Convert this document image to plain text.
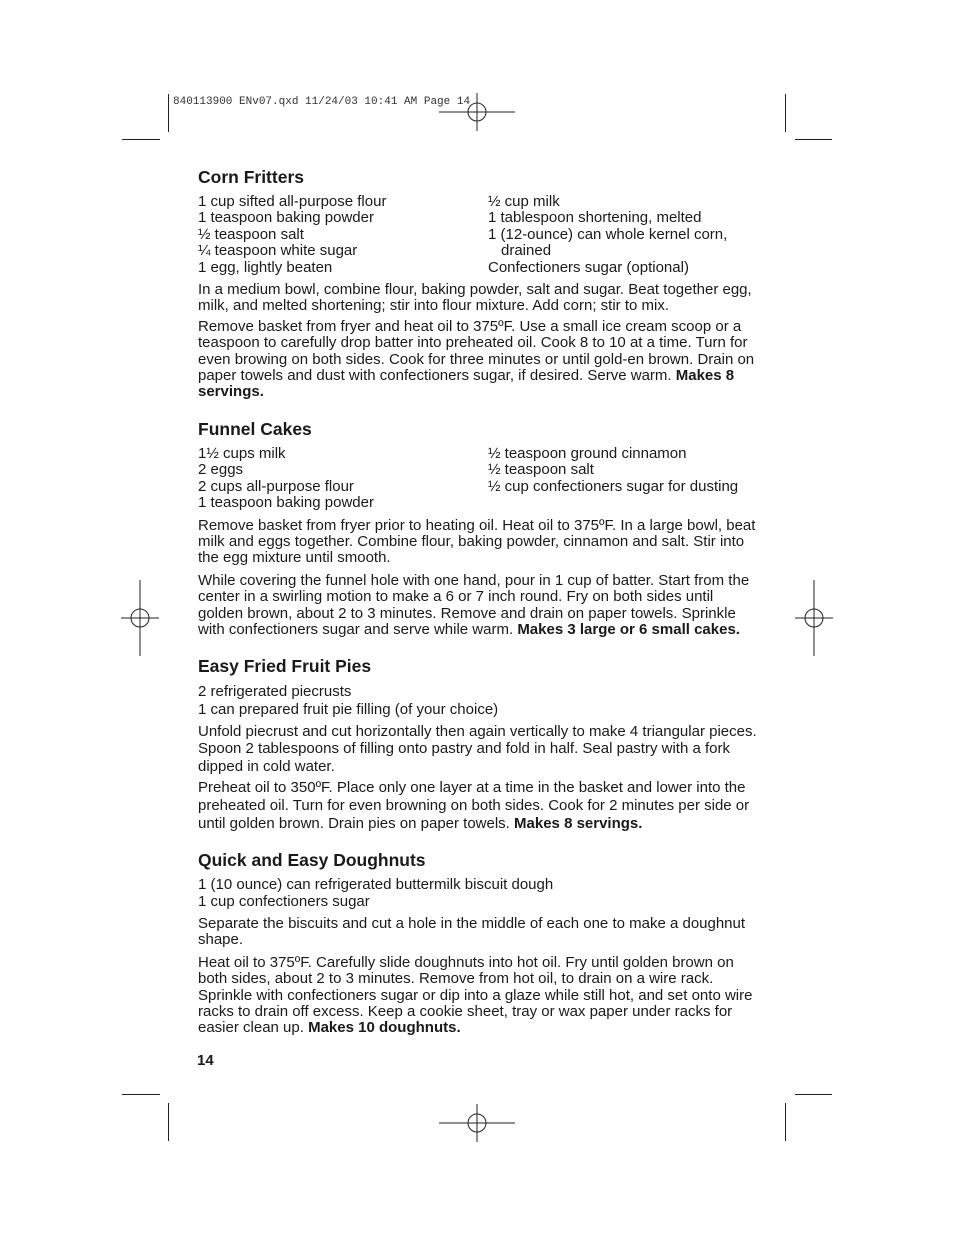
840113900 ENv07.qxd 11/24/03 10:41 AM Page 14
Corn Fritters
1 cup sifted all-purpose flour
1 teaspoon baking powder
½ teaspoon salt
¼ teaspoon white sugar
1 egg, lightly beaten
½ cup milk
1 tablespoon shortening, melted
1 (12-ounce) can whole kernel corn,
drained
Confectioners sugar (optional)

In a medium bowl, combine flour, baking powder, salt and sugar. Beat together egg, milk, and melted shortening; stir into flour mixture. Add corn; stir to mix.

Remove basket from fryer and heat oil to 375ºF. Use a small ice cream scoop or a teaspoon to carefully drop batter into preheated oil. Cook 8 to 10 at a time. Turn for even browing on both sides. Cook for three minutes or until gold-en brown. Drain on paper towels and dust with confectioners sugar, if desired. Serve warm. Makes 8 servings.

Funnel Cakes
1½ cups milk
2 eggs
2 cups all-purpose flour
1 teaspoon baking powder
½ teaspoon ground cinnamon
½ teaspoon salt
½ cup confectioners sugar for dusting

Remove basket from fryer prior to heating oil. Heat oil to 375ºF. In a large bowl, beat milk and eggs together. Combine flour, baking powder, cinnamon and salt. Stir into the egg mixture until smooth.

While covering the funnel hole with one hand, pour in 1 cup of batter. Start from the center in a swirling motion to make a 6 or 7 inch round. Fry on both sides until golden brown, about 2 to 3 minutes. Remove and drain on paper towels. Sprinkle with confectioners sugar and serve while warm. Makes 3 large or 6 small cakes.

Easy Fried Fruit Pies
2 refrigerated piecrusts
1 can prepared fruit pie filling (of your choice)

Unfold piecrust and cut horizontally then again vertically to make 4 triangular pieces. Spoon 2 tablespoons of filling onto pastry and fold in half. Seal pastry with a fork dipped in cold water.

Preheat oil to 350ºF. Place only one layer at a time in the basket and lower into the preheated oil. Turn for even browning on both sides. Cook for 2 minutes per side or until golden brown. Drain pies on paper towels. Makes 8 servings.

Quick and Easy Doughnuts
1 (10 ounce) can refrigerated buttermilk biscuit dough
1 cup confectioners sugar

Separate the biscuits and cut a hole in the middle of each one to make a doughnut shape.

Heat oil to 375ºF. Carefully slide doughnuts into hot oil. Fry until golden brown on both sides, about 2 to 3 minutes. Remove from hot oil, to drain on a wire rack. Sprinkle with confectioners sugar or dip into a glaze while still hot, and set onto wire racks to drain off excess. Keep a cookie sheet, tray or wax paper under racks for easier clean up. Makes 10 doughnuts.

14
